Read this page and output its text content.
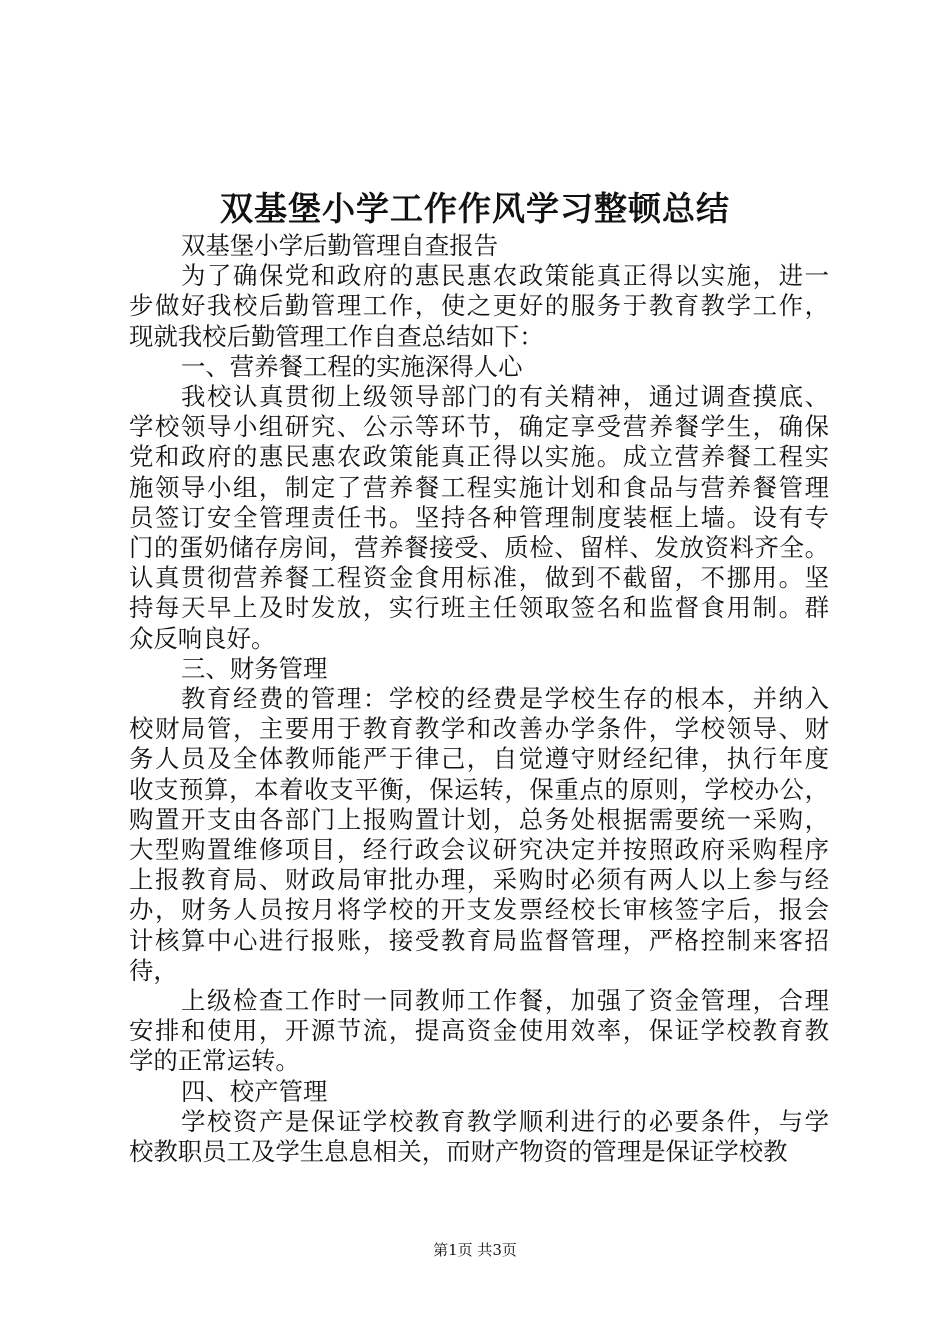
双基堡小学工作作风学习整顿总结

双基堡小学后勤管理自查报告

为了确保党和政府的惠民惠农政策能真正得以实施，进一
步做好我校后勤管理工作，使之更好的服务于教育教学工作，
现就我校后勤管理工作自查总结如下：

一、营养餐工程的实施深得人心

我校认真贯彻上级领导部门的有关精神，通过调查摸底、
学校领导小组研究、公示等环节，确定享受营养餐学生，确保
党和政府的惠民惠农政策能真正得以实施。成立营养餐工程实
施领导小组，制定了营养餐工程实施计划和食品与营养餐管理
员签订安全管理责任书。坚持各种管理制度装框上墙。设有专
门的蛋奶储存房间，营养餐接受、质检、留样、发放资料齐全。
认真贯彻营养餐工程资金食用标准，做到不截留，不挪用。坚
持每天早上及时发放，实行班主任领取签名和监督食用制。群
众反响良好。

三、财务管理

教育经费的管理：学校的经费是学校生存的根本，并纳入
校财局管，主要用于教育教学和改善办学条件，学校领导、财
务人员及全体教师能严于律己，自觉遵守财经纪律，执行年度
收支预算，本着收支平衡，保运转，保重点的原则，学校办公，
购置开支由各部门上报购置计划，总务处根据需要统一采购，
大型购置维修项目，经行政会议研究决定并按照政府采购程序
上报教育局、财政局审批办理，采购时必须有两人以上参与经
办，财务人员按月将学校的开支发票经校长审核签字后，报会
计核算中心进行报账，接受教育局监督管理，严格控制来客招
待，

上级检查工作时一同教师工作餐，加强了资金管理，合理
安排和使用，开源节流，提高资金使用效率，保证学校教育教
学的正常运转。

四、校产管理

学校资产是保证学校教育教学顺利进行的必要条件，与学
校教职员工及学生息息相关，而财产物资的管理是保证学校教

第1页 共3页
